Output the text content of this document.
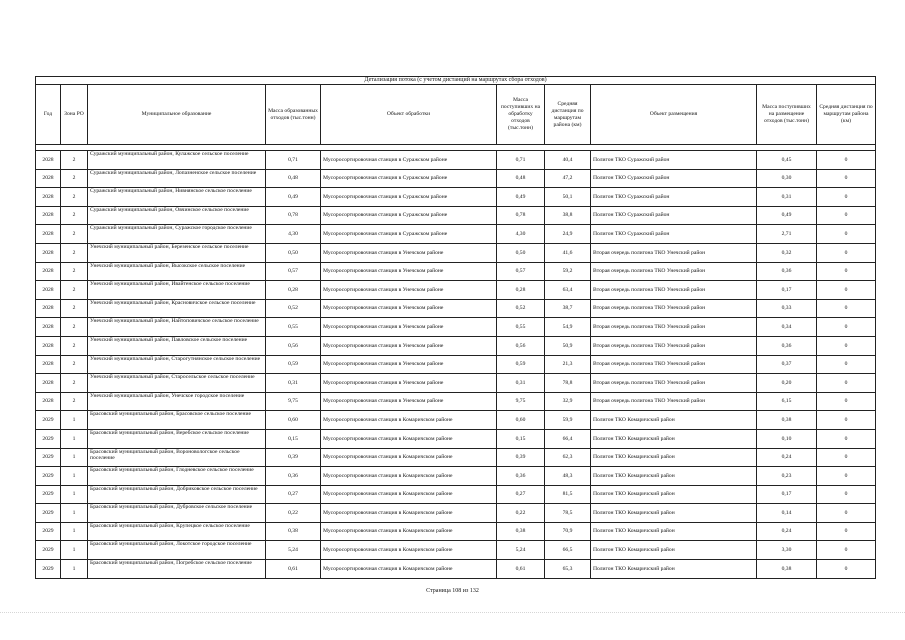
Детализация потока (с учетом дистанций на маршрутах сбора отходов)									
Год	Зона РО	Муниципальное образование	Масса образованных отходов (тыс.тонн)	Объект обработки	Масса поступивших на обработку отходов (тыс.тонн)	Средняя дистанция по маршрутам района (км)	Объект размещения	Масса поступивших на размещение отходов (тыс.тонн)	Средняя дистанция по маршрутам района (км)

2028	2	Суражский муниципальный район, Кулажское сельское поселение	0,71	Мусоросортировочная станция в Суражском районе	0,71	40,4	Полигон ТКО Суражский район	0,45	0
2028	2	Суражский муниципальный район, Лопазненское сельское поселение	0,48	Мусоросортировочная станция в Суражском районе	0,48	47,2	Полигон ТКО Суражский район	0,30	0
2028	2	Суражский муниципальный район, Нивнянское сельское поселение	0,49	Мусоросортировочная станция в Суражском районе	0,49	50,1	Полигон ТКО Суражский район	0,31	0
2028	2	Суражский муниципальный район, Овчинское сельское поселение	0,78	Мусоросортировочная станция в Суражском районе	0,78	38,8	Полигон ТКО Суражский район	0,49	0
2028	2	Суражский муниципальный район, Суражское городское поселение	4,30	Мусоросортировочная станция в Суражском районе	4,30	24,9	Полигон ТКО Суражский район	2,71	0
2028	2	Унечский муниципальный район, Березенское сельское поселение	0,50	Мусоросортировочная станция в Унечском районе	0,50	41,6	Вторая очередь полигона ТКО Унечский район	0,32	0
2028	2	Унечский муниципальный район, Высокское сельское поселение	0,57	Мусоросортировочная станция в Унечском районе	0,57	59,2	Вторая очередь полигона ТКО Унечский район	0,36	0
2028	2	Унечский муниципальный район, Ивайтенское сельское поселение	0,28	Мусоросортировочная станция в Унечском районе	0,28	63,4	Вторая очередь полигона ТКО Унечский район	0,17	0
2028	2	Унечский муниципальный район, Красновичское сельское поселение	0,52	Мусоросортировочная станция в Унечском районе	0,52	38,7	Вторая очередь полигона ТКО Унечский район	0,33	0
2028	2	Унечский муниципальный район, Найтоповичское сельское поселение	0,55	Мусоросортировочная станция в Унечском районе	0,55	54,9	Вторая очередь полигона ТКО Унечский район	0,34	0
2028	2	Унечский муниципальный район, Павловское сельское поселение	0,56	Мусоросортировочная станция в Унечском районе	0,56	50,9	Вторая очередь полигона ТКО Унечский район	0,36	0
2028	2	Унечский муниципальный район, Старогутнянское сельское поселение	0,59	Мусоросортировочная станция в Унечском районе	0,59	21,3	Вторая очередь полигона ТКО Унечский район	0,37	0
2028	2	Унечский муниципальный район, Старосельское сельское поселение	0,31	Мусоросортировочная станция в Унечском районе	0,31	78,8	Вторая очередь полигона ТКО Унечский район	0,20	0
2028	2	Унечский муниципальный район, Унечское городское поселение	9,75	Мусоросортировочная станция в Унечском районе	9,75	32,9	Вторая очередь полигона ТКО Унечский район	6,15	0
2029	1	Брасовский муниципальный район, Брасовское сельское поселение	0,60	Мусоросортировочная станция в Комаричском районе	0,60	59,9	Полигон ТКО Комаричский район	0,38	0
2029	1	Брасовский муниципальный район, Веребское сельское поселение	0,15	Мусоросортировочная станция в Комаричском районе	0,15	66,4	Полигон ТКО Комаричский район	0,10	0
2029	1	Брасовский муниципальный район, Вороновологское сельское поселение	0,39	Мусоросортировочная станция в Комаричском районе	0,39	62,3	Полигон ТКО Комаричский район	0,24	0
2029	1	Брасовский муниципальный район, Глодневское сельское поселение	0,36	Мусоросортировочная станция в Комаричском районе	0,36	48,3	Полигон ТКО Комаричский район	0,23	0
2029	1	Брасовский муниципальный район, Добриковское сельское поселение	0,27	Мусоросортировочная станция в Комаричском районе	0,27	81,5	Полигон ТКО Комаричский район	0,17	0
2029	1	Брасовский муниципальный район, Дубровское сельское поселение	0,22	Мусоросортировочная станция в Комаричском районе	0,22	78,5	Полигон ТКО Комаричский район	0,14	0
2029	1	Брасовский муниципальный район, Крупецкое сельское поселение	0,38	Мусоросортировочная станция в Комаричском районе	0,38	70,9	Полигон ТКО Комаричский район	0,24	0
2029	1	Брасовский муниципальный район, Локотское городское поселение	5,24	Мусоросортировочная станция в Комаричском районе	5,24	66,5	Полигон ТКО Комаричский район	3,30	0
2029	1	Брасовский муниципальный район, Погребское сельское поселение	0,61	Мусоросортировочная станция в Комаричском районе	0,61	65,3	Полигон ТКО Комаричский район	0,38	0
Страница 108 из 132
